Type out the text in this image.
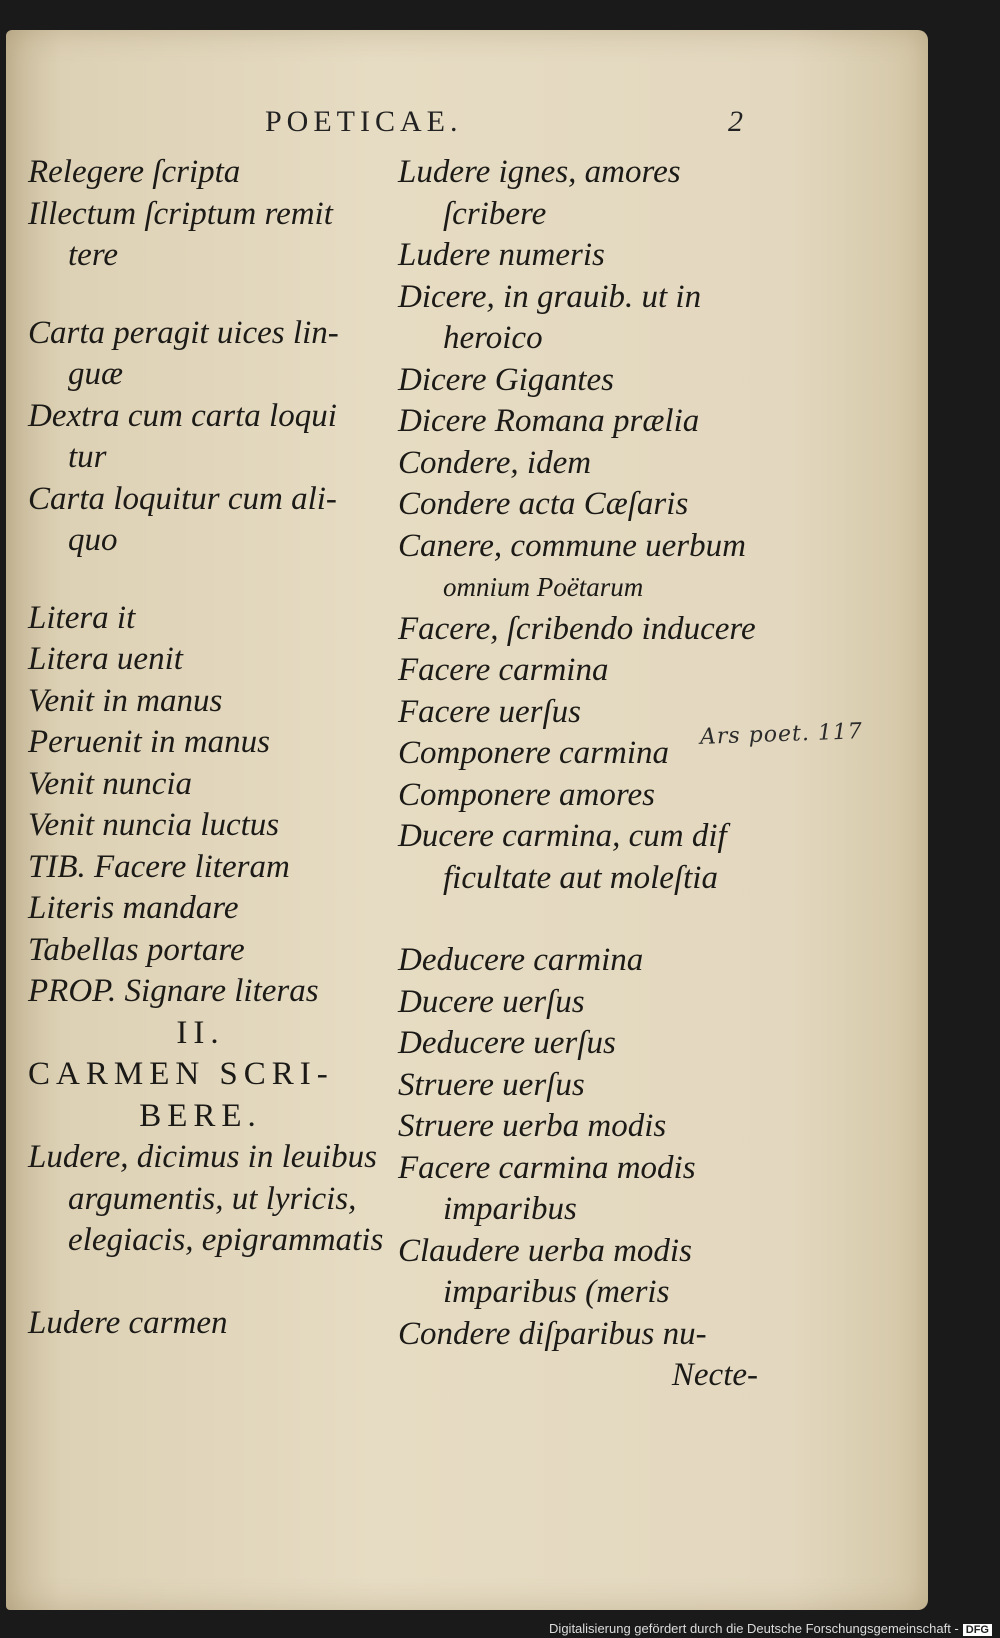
POETICAE.	2
Relegere ſcripta
Illectum ſcriptum remit
tere
Carta peragit uices lin-
guæ
Dextra cum carta loqui
tur
Carta loquitur cum ali-
quo
Litera it
Litera uenit
Venit in manus
Peruenit in manus
Venit nuncia
Venit nuncia luctus
TIB. Facere literam
Literis mandare
Tabellas portare
PROP. Signare literas
II.
CARMEN SCRI-
BERE.
Ludere, dicimus in leuibus
argumentis, ut lyricis,
elegiacis, epigrammatis
Ludere carmen
Ludere ignes, amores
ſcribere
Ludere numeris
Dicere, in grauib. ut in
heroico
Dicere Gigantes
Dicere Romana prælia
Condere, idem
Condere acta Cæſaris
Canere, commune uerbum
omnium Poëtarum
Facere, ſcribendo inducere
Facere carmina
Facere uerſus
Componere carmina
Componere amores
Ducere carmina, cum dif
ficultate aut moleſtia
Deducere carmina
Ducere uerſus
Deducere uerſus
Struere uerſus
Struere uerba modis
Facere carmina modis
imparibus
Claudere uerba modis
imparibus (meris
Condere diſparibus nu-
Necte-
Ars poet. 117
Digitalisierung gefördert durch die Deutsche Forschungsgemeinschaft - DFG
